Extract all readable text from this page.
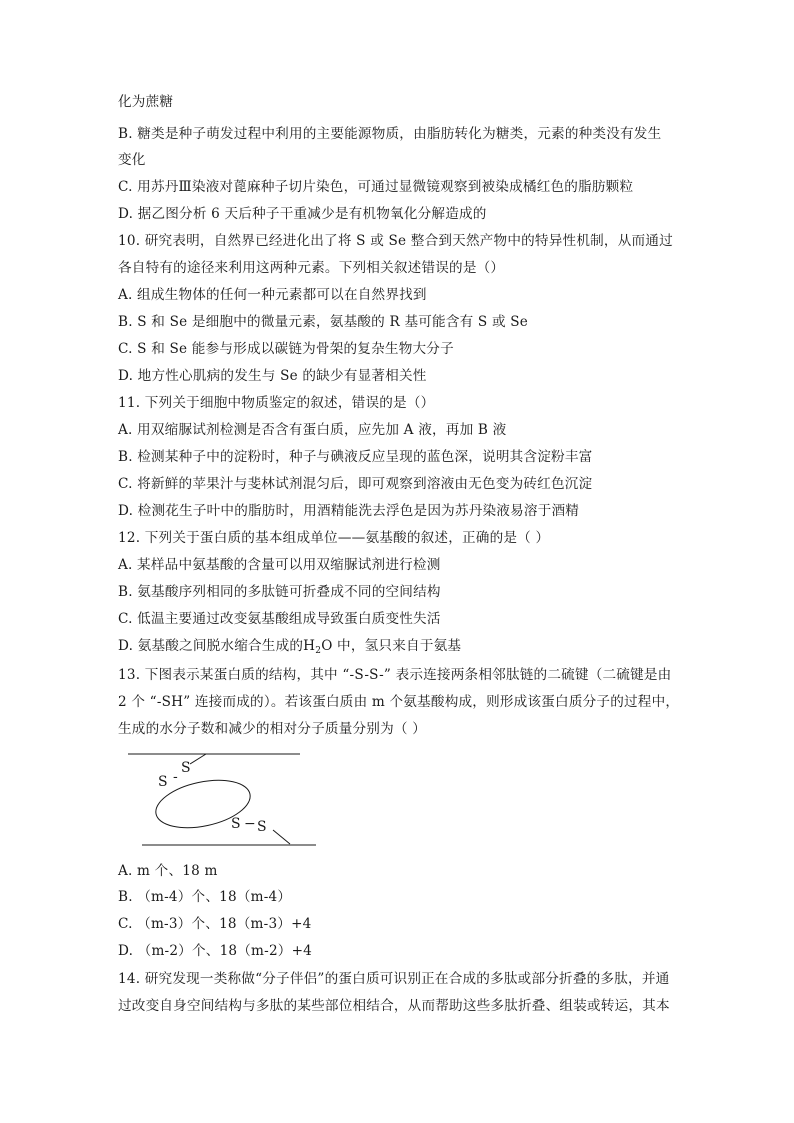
化为蔗糖
B. 糖类是种子萌发过程中利用的主要能源物质，由脂肪转化为糖类，元素的种类没有发生
变化
C. 用苏丹Ⅲ染液对蓖麻种子切片染色，可通过显微镜观察到被染成橘红色的脂肪颗粒
D. 据乙图分析 6 天后种子干重减少是有机物氧化分解造成的
10. 研究表明，自然界已经进化出了将 S 或 Se 整合到天然产物中的特异性机制，从而通过
各自特有的途径来利用这两种元素。下列相关叙述错误的是（）
A. 组成生物体的任何一种元素都可以在自然界找到
B. S 和 Se 是细胞中的微量元素，氨基酸的 R 基可能含有 S 或 Se
C. S 和 Se 能参与形成以碳链为骨架的复杂生物大分子
D. 地方性心肌病的发生与 Se 的缺少有显著相关性
11. 下列关于细胞中物质鉴定的叙述，错误的是（）
A. 用双缩脲试剂检测是否含有蛋白质，应先加 A 液，再加 B 液
B. 检测某种子中的淀粉时，种子与碘液反应呈现的蓝色深，说明其含淀粉丰富
C. 将新鲜的苹果汁与斐林试剂混匀后，即可观察到溶液由无色变为砖红色沉淀
D. 检测花生子叶中的脂肪时，用酒精能洗去浮色是因为苏丹染液易溶于酒精
12. 下列关于蛋白质的基本组成单位——氨基酸的叙述，正确的是（ ）
A. 某样品中氨基酸的含量可以用双缩脲试剂进行检测
B. 氨基酸序列相同的多肽链可折叠成不同的空间结构
C. 低温主要通过改变氨基酸组成导致蛋白质变性失活
D. 氨基酸之间脱水缩合生成的$H_2O$ 中，氢只来自于氨基
13. 下图表示某蛋白质的结构，其中 “-S-S-” 表示连接两条相邻肽链的二硫键（二硫键是由
2 个 “-SH” 连接而成的）。若该蛋白质由 m 个氨基酸构成，则形成该蛋白质分子的过程中，
生成的水分子数和减少的相对分子质量分别为（ ）
S -
S
S − S
A. m 个、18 m
B. （m-4）个、18（m-4）
C. （m-3）个、18（m-3）+4
D. （m-2）个、18（m-2）+4
14. 研究发现一类称做“分子伴侣”的蛋白质可识别正在合成的多肽或部分折叠的多肽，并通
过改变自身空间结构与多肽的某些部位相结合，从而帮助这些多肽折叠、组装或转运，其本
